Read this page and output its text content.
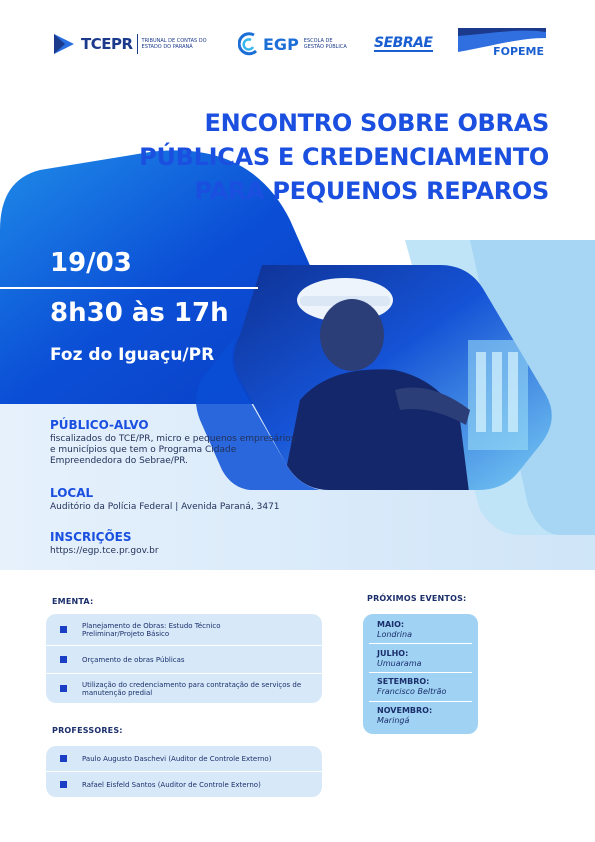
TCEPR TRIBUNAL DE CONTAS DO ESTADO DO PARANÁ	EGP ESCOLA DE GESTÃO PÚBLICA	SEBRAE
FOPEME
ENCONTRO SOBRE OBRAS
PÚBLICAS E CREDENCIAMENTO
PARA PEQUENOS REPAROS

19/03

8h30 às 17h

Foz do Iguaçu/PR

PÚBLICO-ALVO

fiscalizados do TCE/PR, micro e pequenos empresários e municípios que tem o Programa Cidade Empreendedora do Sebrae/PR.

LOCAL

Auditório da Polícia Federal | Avenida Paraná, 3471

INSCRIÇÕES

https://egp.tce.pr.gov.br

EMENTA:

Planejamento de Obras: Estudo Técnico Preliminar/Projeto Básico
Orçamento de obras Públicas
Utilização do credenciamento para contratação de serviços de manutenção predial

PROFESSORES:

Paulo Augusto Daschevi (Auditor de Controle Externo)
Rafael Eisfeld Santos (Auditor de Controle Externo)

PRÓXIMOS EVENTOS:

MAIO:
Londrina
JULHO:
Umuarama
SETEMBRO:
Francisco Beltrão
NOVEMBRO:
Maringá
